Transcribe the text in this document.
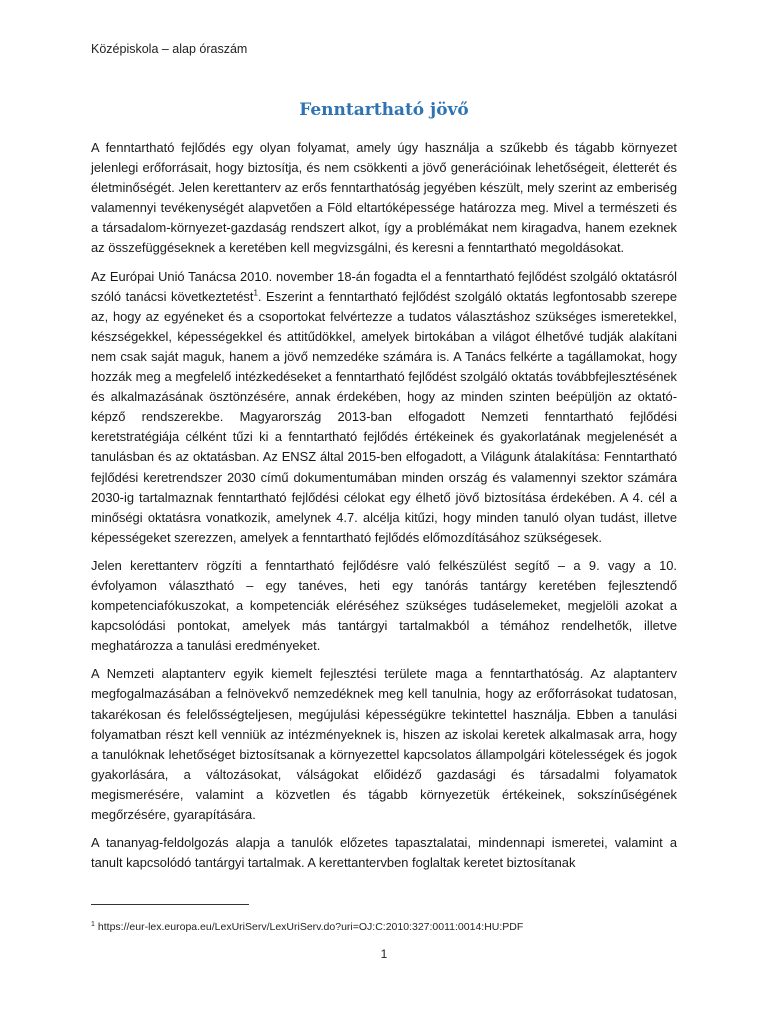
Középiskola – alap óraszám
Fenntartható jövő

A fenntartható fejlődés egy olyan folyamat, amely úgy használja a szűkebb és tágabb környezet jelenlegi erőforrásait, hogy biztosítja, és nem csökkenti a jövő generációinak lehetőségeit, életterét és életminőségét. Jelen kerettanterv az erős fenntarthatóság jegyében készült, mely szerint az emberiség valamennyi tevékenységét alapvetően a Föld eltartóképessége határozza meg. Mivel a természeti és a társadalom-környezet-gazdaság rendszert alkot, így a problémákat nem kiragadva, hanem ezeknek az összefüggéseknek a keretében kell megvizsgálni, és keresni a fenntartható megoldásokat.

Az Európai Unió Tanácsa 2010. november 18-án fogadta el a fenntartható fejlődést szolgáló oktatásról szóló tanácsi következtetést$^1$. Eszerint a fenntartható fejlődést szolgáló oktatás legfontosabb szerepe az, hogy az egyéneket és a csoportokat felvértezze a tudatos választáshoz szükséges ismeretekkel, készségekkel, képességekkel és attitűdökkel, amelyek birtokában a világot élhetővé tudják alakítani nem csak saját maguk, hanem a jövő nemzedéke számára is. A Tanács felkérte a tagállamokat, hogy hozzák meg a megfelelő intézkedéseket a fenntartható fejlődést szolgáló oktatás továbbfejlesztésének és alkalmazásának ösztönzésére, annak érdekében, hogy az minden szinten beépüljön az oktató-képző rendszerekbe. Magyarország 2013-ban elfogadott Nemzeti fenntartható fejlődési keretstratégiája célként tűzi ki a fenntartható fejlődés értékeinek és gyakorlatának megjelenését a tanulásban és az oktatásban. Az ENSZ által 2015-ben elfogadott, a Világunk átalakítása: Fenntartható fejlődési keretrendszer 2030 című dokumentumában minden ország és valamennyi szektor számára 2030-ig tartalmaznak fenntartható fejlődési célokat egy élhető jövő biztosítása érdekében. A 4. cél a minőségi oktatásra vonatkozik, amelynek 4.7. alcélja kitűzi, hogy minden tanuló olyan tudást, illetve képességeket szerezzen, amelyek a fenntartható fejlődés előmozdításához szükségesek.

Jelen kerettanterv rögzíti a fenntartható fejlődésre való felkészülést segítő – a 9. vagy a 10. évfolyamon választható – egy tanéves, heti egy tanórás tantárgy keretében fejlesztendő kompetenciafókuszokat, a kompetenciák eléréséhez szükséges tudáselemeket, megjelöli azokat a kapcsolódási pontokat, amelyek más tantárgyi tartalmakból a témához rendelhetők, illetve meghatározza a tanulási eredményeket.

A Nemzeti alaptanterv egyik kiemelt fejlesztési területe maga a fenntarthatóság. Az alaptanterv megfogalmazásában a felnövekvő nemzedéknek meg kell tanulnia, hogy az erőforrásokat tudatosan, takarékosan és felelősségteljesen, megújulási képességükre tekintettel használja. Ebben a tanulási folyamatban részt kell venniük az intézményeknek is, hiszen az iskolai keretek alkalmasak arra, hogy a tanulóknak lehetőséget biztosítsanak a környezettel kapcsolatos állampolgári kötelességek és jogok gyakorlására, a változásokat, válságokat előidéző gazdasági és társadalmi folyamatok megismerésére, valamint a közvetlen és tágabb környezetük értékeinek, sokszínűségének megőrzésére, gyarapítására.

A tananyag-feldolgozás alapja a tanulók előzetes tapasztalatai, mindennapi ismeretei, valamint a tanult kapcsolódó tantárgyi tartalmak. A kerettantervben foglaltak keretet biztosítanak

$^1$ https://eur-lex.europa.eu/LexUriServ/LexUriServ.do?uri=OJ:C:2010:327:0011:0014:HU:PDF
1
